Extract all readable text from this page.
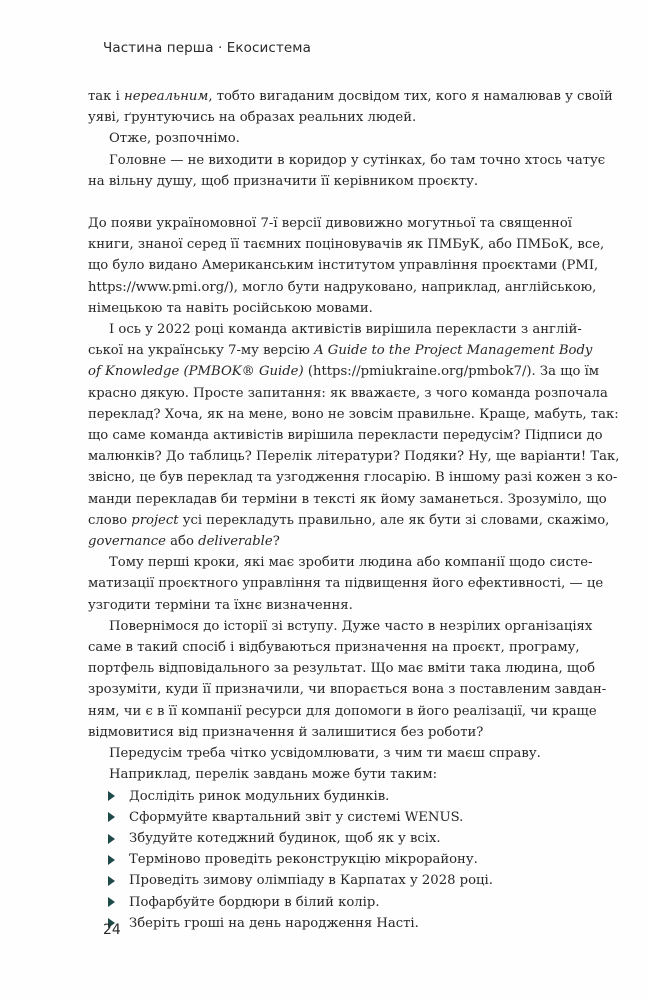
Частина перша · Екосистема
так і нереальним, тобто вигаданим досвідом тих, кого я намалював у своїй
уяві, ґрунтуючись на образах реальних людей.
Отже, розпочнімо.
Головне — не виходити в коридор у сутінках, бо там точно хтось чатує
на вільну душу, щоб призначити її керівником проєкту.
До появи україномовної 7-ї версії дивовижно могутньої та священної
книги, знаної серед її таємних поціновувачів як ПМБуК, або ПМБоК, все,
що було видано Американським інститутом управління проєктами (PMI,
https://www.pmi.org/), могло бути надруковано, наприклад, англійською,
німецькою та навіть російською мовами.
І ось у 2022 році команда активістів вирішила перекласти з англій-
ської на українську 7-му версію A Guide to the Project Management Body
of Knowledge (PMBOK® Guide) (https://pmiukraine.org/pmbok7/). За що їм
красно дякую. Просте запитання: як вважаєте, з чого команда розпочала
переклад? Хоча, як на мене, воно не зовсім правильне. Краще, мабуть, так:
що саме команда активістів вирішила перекласти передусім? Підписи до
малюнків? До таблиць? Перелік літератури? Подяки? Ну, ще варіанти! Так,
звісно, це був переклад та узгодження глосарію. В іншому разі кожен з ко-
манди перекладав би терміни в тексті як йому заманеться. Зрозуміло, що
слово project усі перекладуть правильно, але як бути зі словами, скажімо,
governance або deliverable?
Тому перші кроки, які має зробити людина або компанії щодо систе-
матизації проєктного управління та підвищення його ефективності, — це
узгодити терміни та їхнє визначення.
Повернімося до історії зі вступу. Дуже часто в незрілих організаціях
саме в такий спосіб і відбуваються призначення на проєкт, програму,
портфель відповідального за результат. Що має вміти така людина, щоб
зрозуміти, куди її призначили, чи впорається вона з поставленим завдан-
ням, чи є в її компанії ресурси для допомоги в його реалізації, чи краще
відмовитися від призначення й залишитися без роботи?
Передусім треба чітко усвідомлювати, з чим ти маєш справу.
Наприклад, перелік завдань може бути таким:
Дослідіть ринок модульних будинків.
Сформуйте квартальний звіт у системі WENUS.
Збудуйте котеджний будинок, щоб як у всіх.
Терміново проведіть реконструкцію мікрорайону.
Проведіть зимову олімпіаду в Карпатах у 2028 році.
Пофарбуйте бордюри в білий колір.
Зберіть гроші на день народження Насті.
24
